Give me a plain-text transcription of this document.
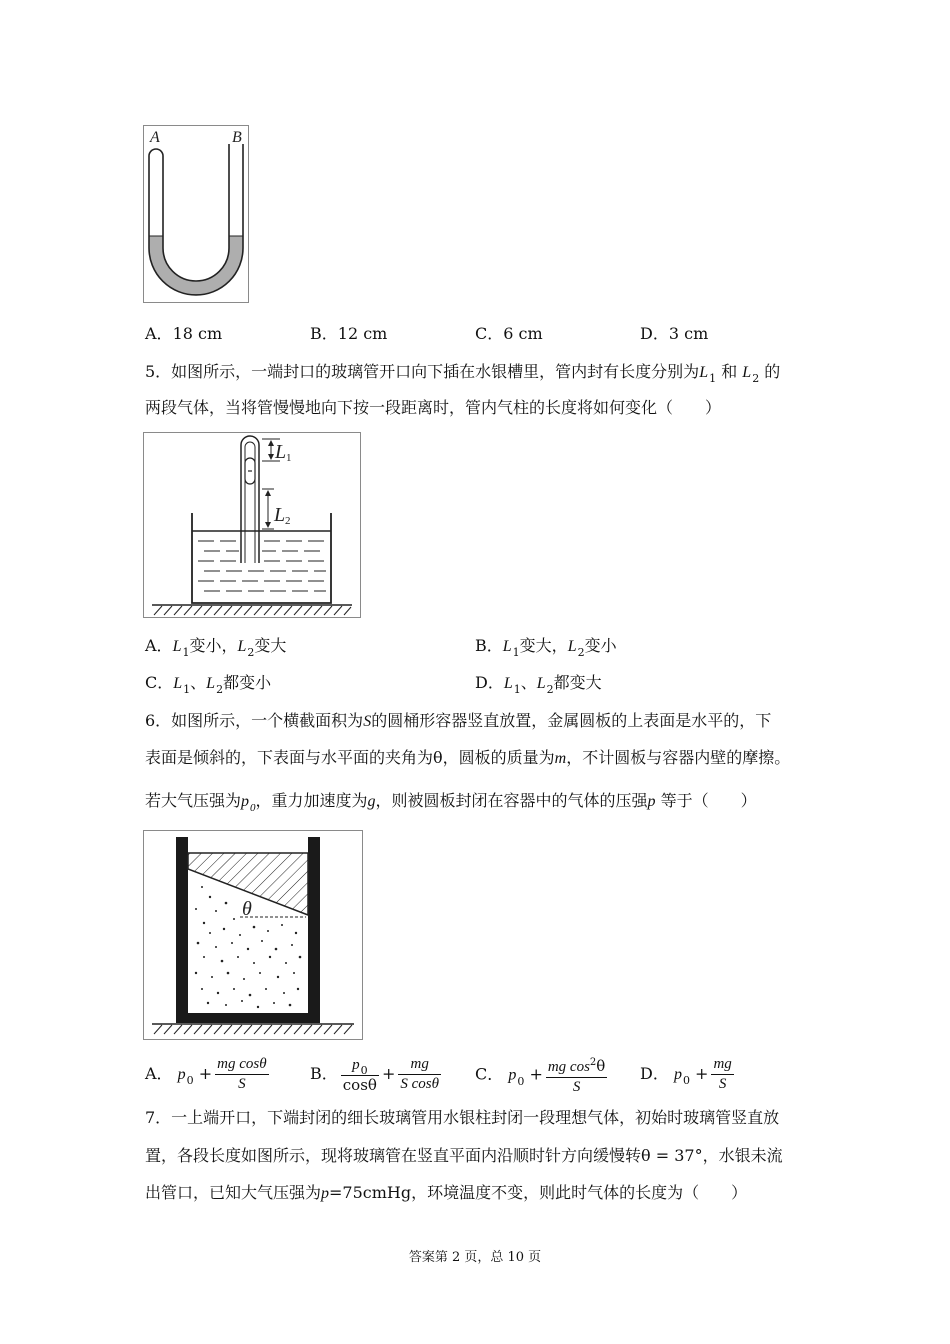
A	B
A．18 cm	B．12 cm	C．6 cm	D．3 cm
5．如图所示，一端封口的玻璃管开口向下插在水银槽里，管内封有长度分别为$L_1$ 和 $L_2$ 的
两段气体，当将管慢慢地向下按一段距离时，管内气柱的长度将如何变化（　　）
L 1
L 2
A．$L_1$变小，$L_2$变大	B．$L_1$变大，$L_2$变小
C．$L_1$、$L_2$都变小	D．$L_1$、$L_2$都变大
6．如图所示，一个横截面积为S的圆桶形容器竖直放置，金属圆板的上表面是水平的，下
表面是倾斜的，下表面与水平面的夹角为θ，圆板的质量为m，不计圆板与容器内壁的摩擦。
若大气压强为$p_0$，重力加速度为g，则被圆板封闭在容器中的气体的压强p 等于（　　）
θ
A． $p_0 + \frac{\text{mg cosθ}}{S}$	B． $\frac{p_0}{\cos\theta} + \frac{mg}{\text{S cosθ}}$ C． $p_0 + \frac{mg \cos^2\theta}{S}$ D． $p_0 + \frac{mg}{S}$
7．一上端开口，下端封闭的细长玻璃管用水银柱封闭一段理想气体，初始时玻璃管竖直放
置，各段长度如图所示，现将玻璃管在竖直平面内沿顺时针方向缓慢转θ = 37°，水银未流
出管口，已知大气压强为p=75cmHg，环境温度不变，则此时气体的长度为（　　）
答案第 2 页，总 10 页
